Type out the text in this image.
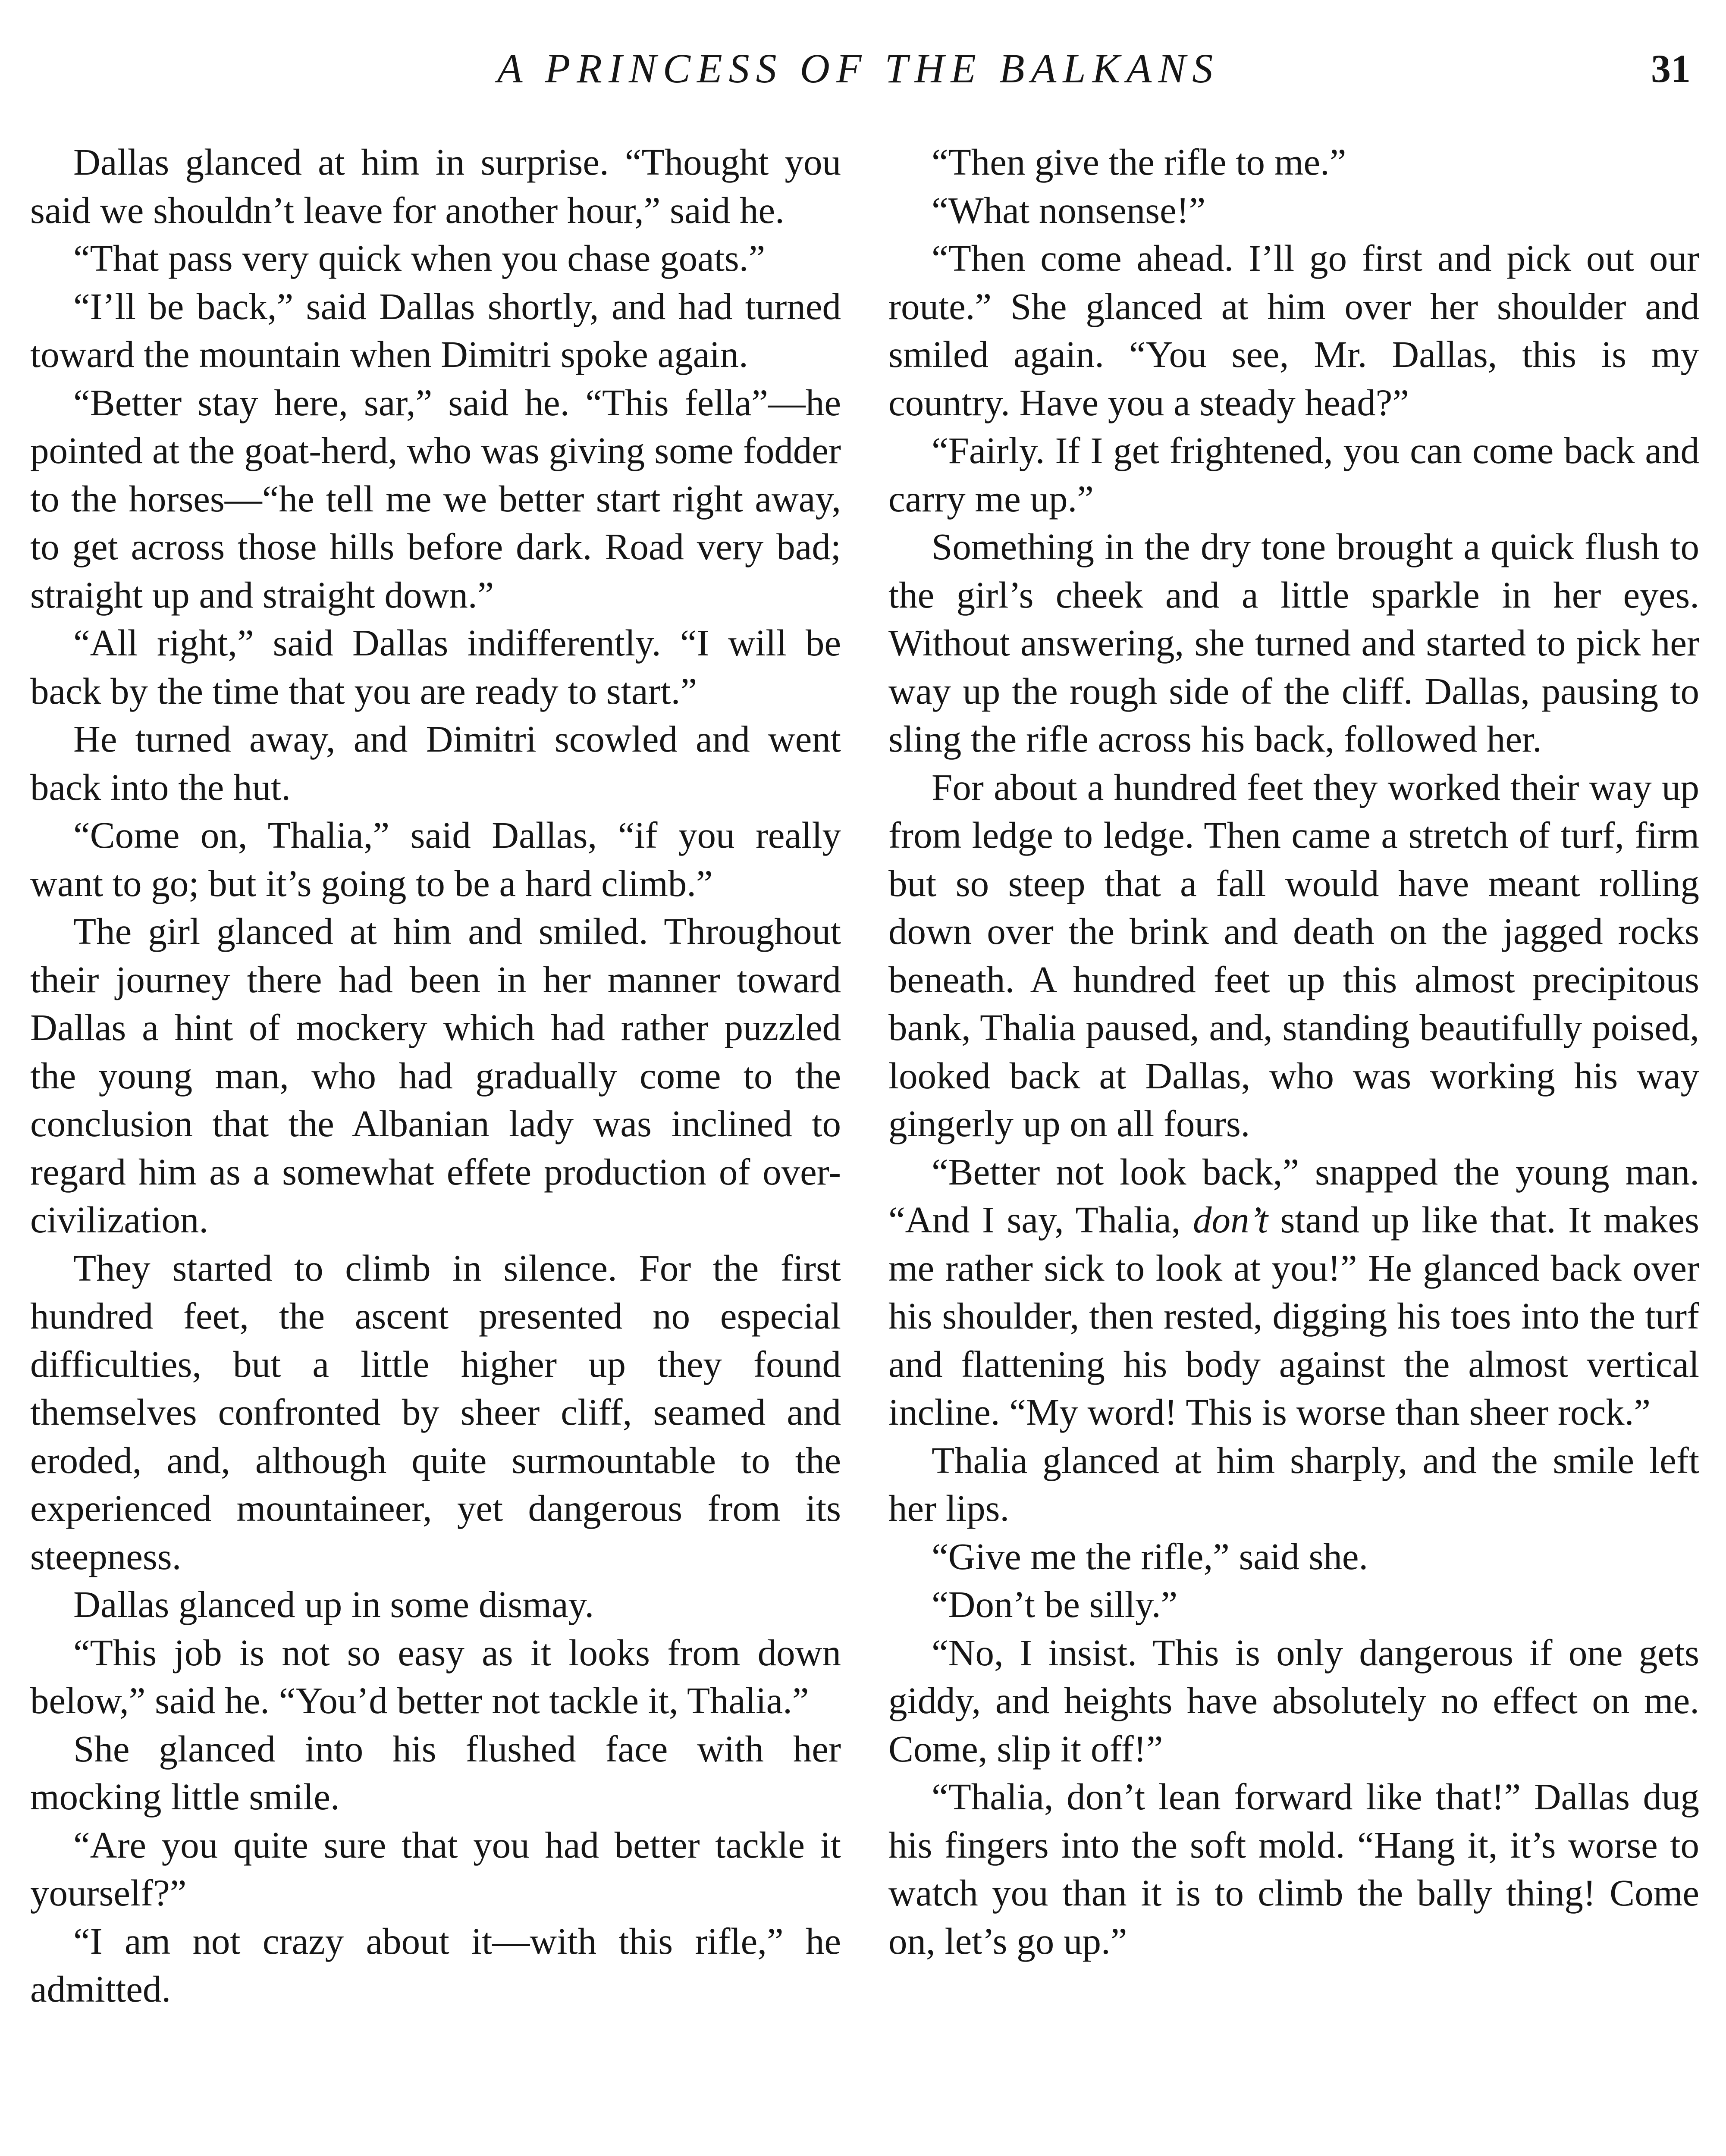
A PRINCESS OF THE BALKANS	31

Dallas glanced at him in surprise. “Thought you said we shouldn’t leave for another hour,” said he.

“That pass very quick when you chase goats.”

“I’ll be back,” said Dallas shortly, and had turned toward the mountain when Dimitri spoke again.

“Better stay here, sar,” said he. “This fella”—he pointed at the goat-herd, who was giving some fodder to the horses—“he tell me we better start right away, to get across those hills before dark. Road very bad; straight up and straight down.”

“All right,” said Dallas indifferently. “I will be back by the time that you are ready to start.”

He turned away, and Dimitri scowled and went back into the hut.

“Come on, Thalia,” said Dallas, “if you really want to go; but it’s going to be a hard climb.”

The girl glanced at him and smiled. Throughout their journey there had been in her manner toward Dallas a hint of mockery which had rather puzzled the young man, who had gradually come to the conclusion that the Albanian lady was inclined to regard him as a somewhat effete production of over-civilization.

They started to climb in silence. For the first hundred feet, the ascent presented no especial difficulties, but a little higher up they found themselves confronted by sheer cliff, seamed and eroded, and, although quite surmountable to the experienced mountaineer, yet dangerous from its steepness.

Dallas glanced up in some dismay.

“This job is not so easy as it looks from down below,” said he. “You’d better not tackle it, Thalia.”

She glanced into his flushed face with her mocking little smile.

“Are you quite sure that you had better tackle it yourself?”

“I am not crazy about it—with this rifle,” he admitted.

“Then give the rifle to me.”

“What nonsense!”

“Then come ahead. I’ll go first and pick out our route.” She glanced at him over her shoulder and smiled again. “You see, Mr. Dallas, this is my country. Have you a steady head?”

“Fairly. If I get frightened, you can come back and carry me up.”

Something in the dry tone brought a quick flush to the girl’s cheek and a little sparkle in her eyes. Without answering, she turned and started to pick her way up the rough side of the cliff. Dallas, pausing to sling the rifle across his back, followed her.

For about a hundred feet they worked their way up from ledge to ledge. Then came a stretch of turf, firm but so steep that a fall would have meant rolling down over the brink and death on the jagged rocks beneath. A hundred feet up this almost precipitous bank, Thalia paused, and, standing beautifully poised, looked back at Dallas, who was working his way gingerly up on all fours.

“Better not look back,” snapped the young man. “And I say, Thalia, don’t stand up like that. It makes me rather sick to look at you!” He glanced back over his shoulder, then rested, digging his toes into the turf and flattening his body against the almost vertical incline. “My word! This is worse than sheer rock.”

Thalia glanced at him sharply, and the smile left her lips.

“Give me the rifle,” said she.

“Don’t be silly.”

“No, I insist. This is only dangerous if one gets giddy, and heights have absolutely no effect on me. Come, slip it off!”

“Thalia, don’t lean forward like that!” Dallas dug his fingers into the soft mold. “Hang it, it’s worse to watch you than it is to climb the bally thing! Come on, let’s go up.”
